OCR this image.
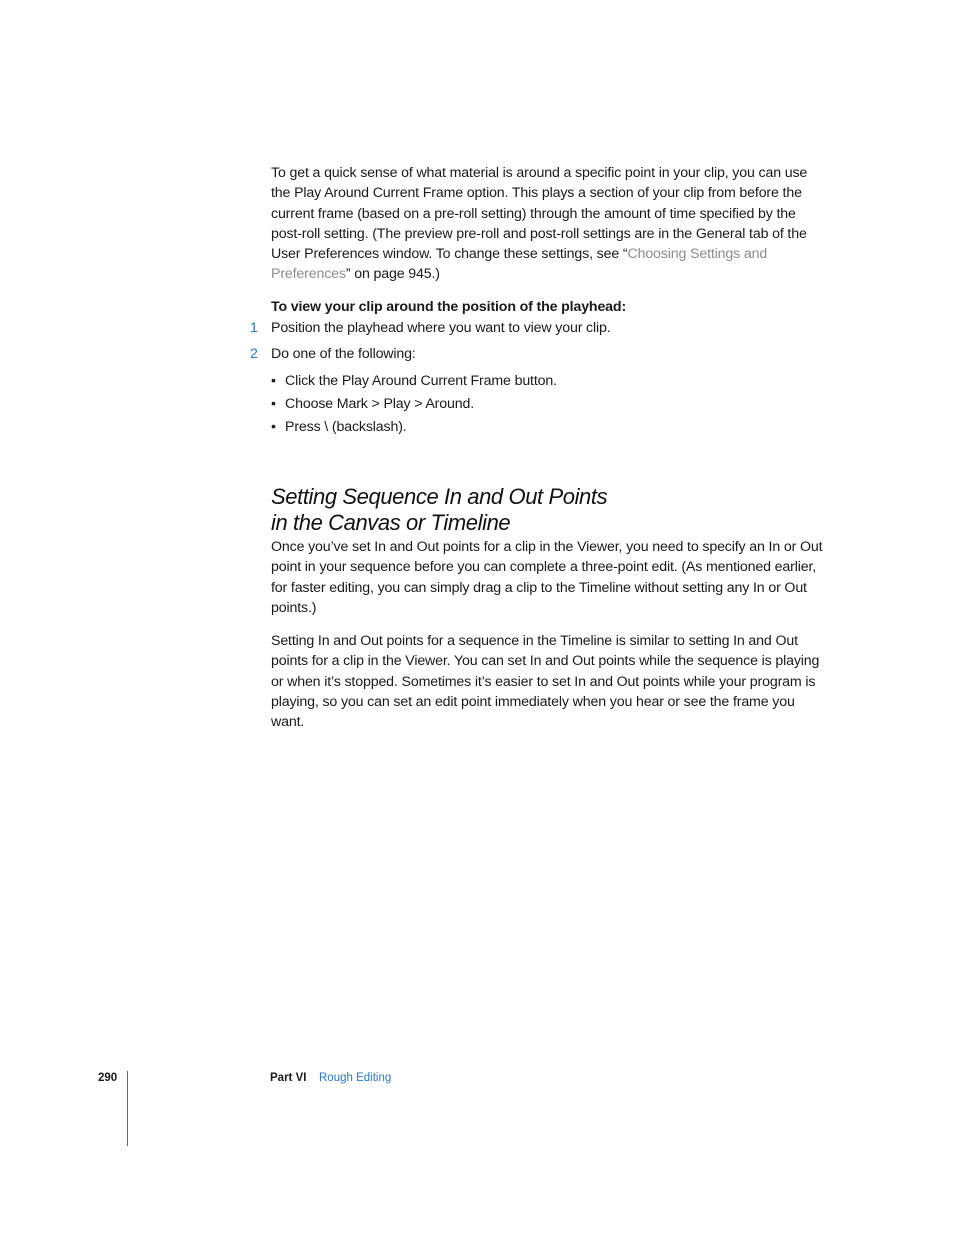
To get a quick sense of what material is around a specific point in your clip, you can use the Play Around Current Frame option. This plays a section of your clip from before the current frame (based on a pre-roll setting) through the amount of time specified by the post-roll setting. (The preview pre-roll and post-roll settings are in the General tab of the User Preferences window. To change these settings, see “Choosing Settings and Preferences” on page 945.)

To view your clip around the position of the playhead:
1 Position the playhead where you want to view your clip.
2 Do one of the following:
• Click the Play Around Current Frame button.
• Choose Mark > Play > Around.
• Press \ (backslash).
Setting Sequence In and Out Points
in the Canvas or Timeline

Once you’ve set In and Out points for a clip in the Viewer, you need to specify an In or Out point in your sequence before you can complete a three-point edit. (As mentioned earlier, for faster editing, you can simply drag a clip to the Timeline without setting any In or Out points.)

Setting In and Out points for a sequence in the Timeline is similar to setting In and Out points for a clip in the Viewer. You can set In and Out points while the sequence is playing or when it’s stopped. Sometimes it’s easier to set In and Out points while your program is playing, so you can set an edit point immediately when you hear or see the frame you want.

290	Part VI Rough Editing
